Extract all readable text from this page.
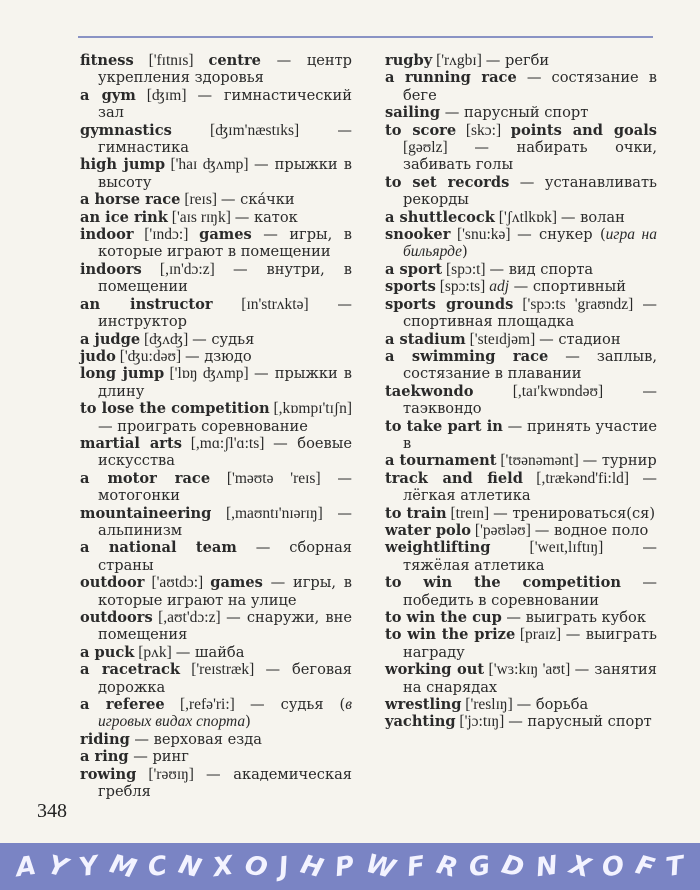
fitness ['fɪtnɪs] centre — центр укрепления здоровья
a gym [ʤɪm] — гимнастический зал
gymnastics [ʤɪm'næstɪks] — гимнастика
high jump ['haɪ ʤʌmp] — прыжки в высоту
a horse race [reɪs] — ска́чки
an ice rink ['aɪs rɪŋk] — каток
indoor ['ɪndɔ:] games — игры, в которые играют в помещении
indoors [,ɪn'dɔ:z] — внутри, в помещении
an instructor [ɪn'strʌktə] — инструктор
a judge [ʤʌʤ] — судья
judo ['ʤu:dəʊ] — дзюдо
long jump ['lɒŋ ʤʌmp] — прыжки в длину
to lose the competition [,kɒmpɪ'tɪʃn] — проиграть соревнование
martial arts [,mɑ:ʃl'ɑ:ts] — боевые искусства
a motor race ['məʊtə 'reɪs] — мотогонки
mountaineering [,maʊntɪ'nɪərɪŋ] — альпинизм
a national team — сборная страны
outdoor ['aʊtdɔ:] games — игры, в которые играют на улице
outdoors [,aʊt'dɔ:z] — снаружи, вне помещения
a puck [pʌk] — шайба
a racetrack ['reɪstræk] — беговая дорожка
a referee [,refə'ri:] — судья (в игровых видах спорта)
riding — верховая езда
a ring — ринг
rowing ['rəʊɪŋ] — академическая гребля
rugby ['rʌgbɪ] — регби
a running race — состязание в беге
sailing — парусный спорт
to score [skɔ:] points and goals [gəʊlz] — набирать очки, забивать голы
to set records — устанавливать рекорды
a shuttlecock ['ʃʌtlkɒk] — волан
snooker ['snu:kə] — снукер (игра на бильярде)
a sport [spɔ:t] — вид спорта
sports [spɔ:ts] adj — спортивный
sports grounds ['spɔ:ts 'graʊndz] — спортивная площадка
a stadium ['steɪdjəm] — стадион
a swimming race — заплыв, состязание в плавании
taekwondo [,taɪ'kwɒndəʊ] — таэквондо
to take part in — принять участие в
a tournament ['tʊənəmənt] — турнир
track and field [,trækənd'fi:ld] — лёгкая атлетика
to train [treɪn] — тренироваться(ся)
water polo ['pəʊləʊ] — водное поло
weightlifting ['weɪt,lɪftɪŋ] — тяжёлая атлетика
to win the competition — победить в соревновании
to win the cup — выиграть кубок
to win the prize [praɪz] — выиграть награду
working out ['wɜ:kɪŋ 'aʊt] — занятия на снарядах
wrestling ['reslɪŋ] — борьба
yachting ['jɔ:tɪŋ] — парусный спорт
348
A Y Y M C N X O J H P W F R G D N X O F T
